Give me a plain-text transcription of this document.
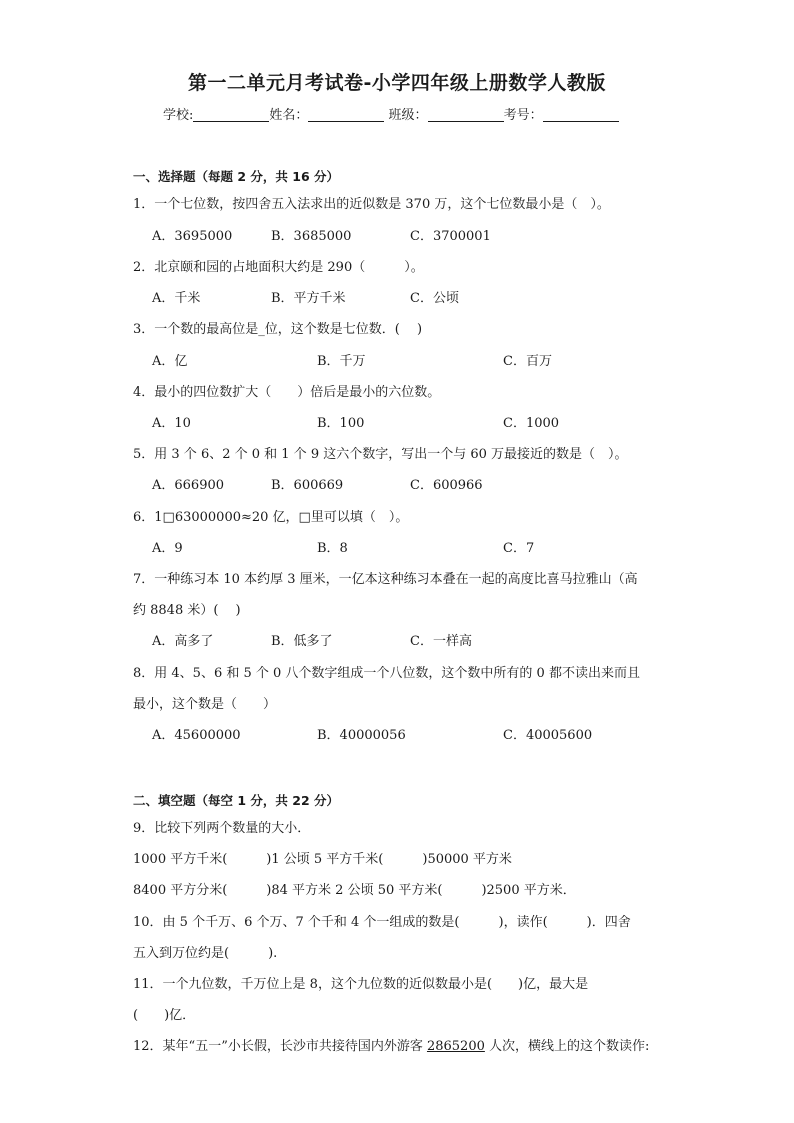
第一二单元月考试卷-小学四年级上册数学人教版
学校:	姓名：	班级：	考号：
一、选择题（每题 2 分，共 16 分）
1．一个七位数，按四舍五入法求出的近似数是 370 万，这个七位数最小是（　）。
A．3695000	B．3685000	C．3700001
2．北京颐和园的占地面积大约是 290（　　　）。
A．千米	B．平方千米	C．公顷
3．一个数的最高位是_位，这个数是七位数．(　 )
A．亿	B．千万	C．百万
4．最小的四位数扩大（　　）倍后是最小的六位数。
A．10	B．100	C．1000
5．用 3 个 6、2 个 0 和 1 个 9 这六个数字，写出一个与 60 万最接近的数是（　）。
A．666900	B．600669	C．600966
6．1□63000000≈20 亿，□里可以填（　）。
A．9	B．8	C．7
7．一种练习本 10 本约厚 3 厘米，一亿本这种练习本叠在一起的高度比喜马拉雅山（高
约 8848 米）(　 )
A．高多了	B．低多了	C．一样高
8．用 4、5、6 和 5 个 0 八个数字组成一个八位数，这个数中所有的 0 都不读出来而且
最小，这个数是（　　）
A．45600000	B．40000056	C．40005600
二、填空题（每空 1 分，共 22 分）
9．比较下列两个数量的大小．
1000 平方千米(　　　)1 公顷 5 平方千米(　　　)50000 平方米
8400 平方分米(　　　)84 平方米 2 公顷 50 平方米(　　　)2500 平方米．
10．由 5 个千万、6 个万、7 个千和 4 个一组成的数是(　　　)，读作(　　　)．四舍
五入到万位约是(　　　).
11．一个九位数，千万位上是 8，这个九位数的近似数最小是(　　)亿，最大是
(　　)亿．
12．某年“五一”小长假，长沙市共接待国内外游客 2865200 人次，横线上的这个数读作:
